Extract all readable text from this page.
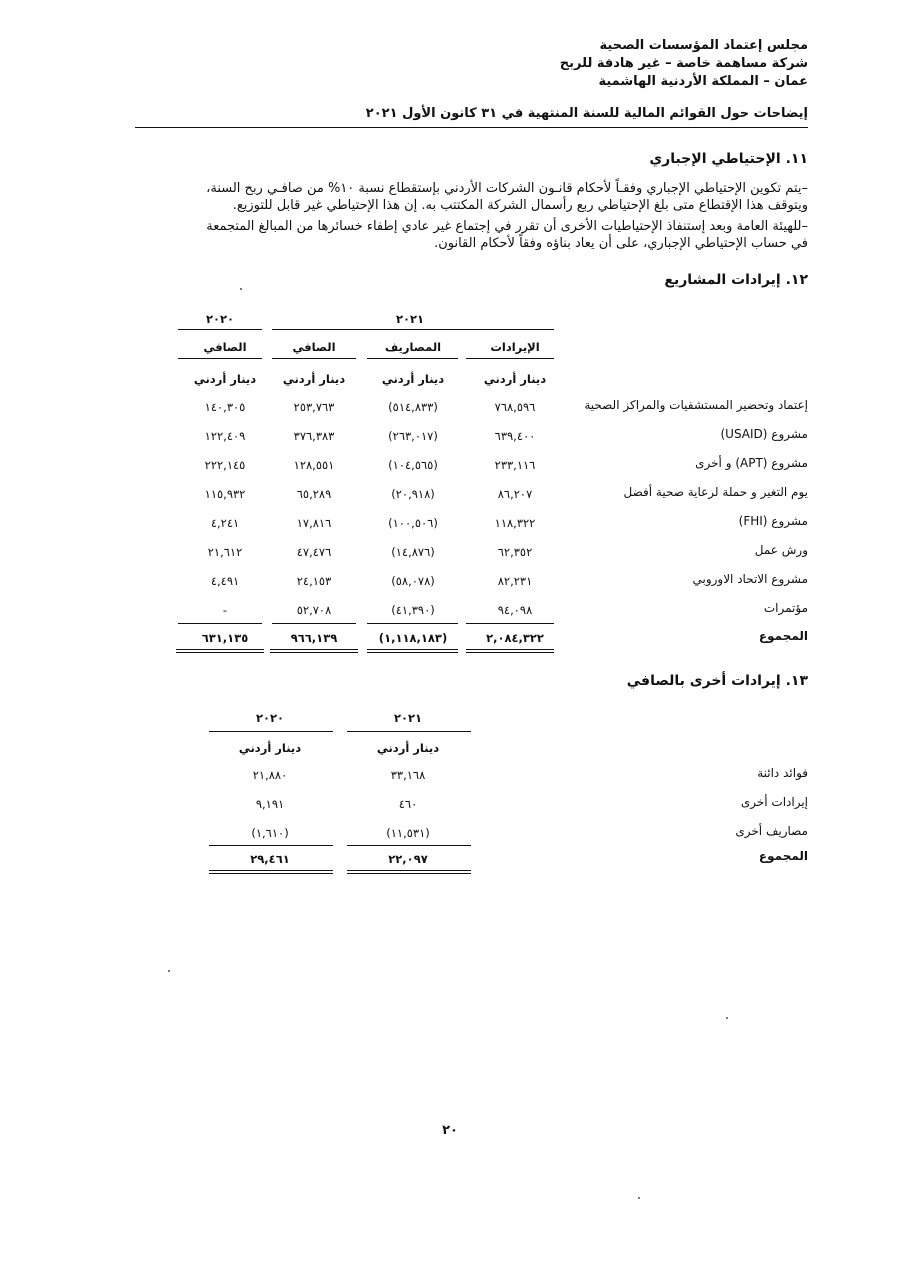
مجلس إعتماد المؤسسات الصحية
شركة مساهمة خاصة – غير هادفة للربح
عمان – المملكة الأردنية الهاشمية
إيضاحات حول القوائم المالية للسنة المنتهية في ٣١ كانون الأول ٢٠٢١
١١. الإحتياطي الإجباري
–يتم تكوين الإحتياطي الإجباري وفقـاً لأحكام قانـون الشركات الأردني بإستقطاع نسبة ١٠% من صافـي ربح السنة،
ويتوقف هذا الإقتطاع متى بلغ الإحتياطي ربع رأسمال الشركة المكتتب به. إن هذا الإحتياطي غير قابل للتوزيع.
–للهيئة العامة وبعد إستنفاذ الإحتياطيات الأخرى أن تقرر في إجتماع غير عادي إطفاء خسائرها من المبالغ المتجمعة
في حساب الإحتياطي الإجباري، على أن يعاد بناؤه وفقاً لأحكام القانون.
١٢. إيرادات المشاريع
٢٠٢٠	٢٠٢١
الإيرادات
المصاريف
الصافي
الصافي
دينار أردني
دينار أردني
دينار أردني
دينار أردني
إعتماد وتحضير المستشفيات والمراكز الصحية
٧٦٨,٥٩٦
(٥١٤,٨٣٣)
٢٥٣,٧٦٣
١٤٠,٣٠٥
مشروع (USAID)
٦٣٩,٤٠٠
(٢٦٣,٠١٧)
٣٧٦,٣٨٣
١٢٢,٤٠٩
مشروع (APT) و أخرى
٢٣٣,١١٦
(١٠٤,٥٦٥)
١٢٨,٥٥١
٢٢٢,١٤٥
يوم التغير و حملة لرعاية صحية أفضل
٨٦,٢٠٧
(٢٠,٩١٨)
٦٥,٢٨٩
١١٥,٩٣٢
مشروع (FHI)
١١٨,٣٢٢
(١٠٠,٥٠٦)
١٧,٨١٦
٤,٢٤١
ورش عمل
٦٢,٣٥٢
(١٤,٨٧٦)
٤٧,٤٧٦
٢١,٦١٢
مشروع الاتحاد الاوروبي
٨٢,٢٣١
(٥٨,٠٧٨)
٢٤,١٥٣
٤,٤٩١
مؤتمرات
٩٤,٠٩٨
(٤١,٣٩٠)
٥٢,٧٠٨
-
المجموع
٢,٠٨٤,٣٢٢
(١,١١٨,١٨٣)
٩٦٦,١٣٩
٦٣١,١٣٥
١٣. إيرادات أخرى بالصافي
٢٠٢١
٢٠٢٠
دينار أردني
دينار أردني
فوائد دائنة
٣٣,١٦٨
٢١,٨٨٠
إيرادات أخرى
٤٦٠
٩,١٩١
مصاريف أخرى
(١١,٥٣١)
(١,٦١٠)
المجموع
٢٢,٠٩٧
٢٩,٤٦١
٢٠
